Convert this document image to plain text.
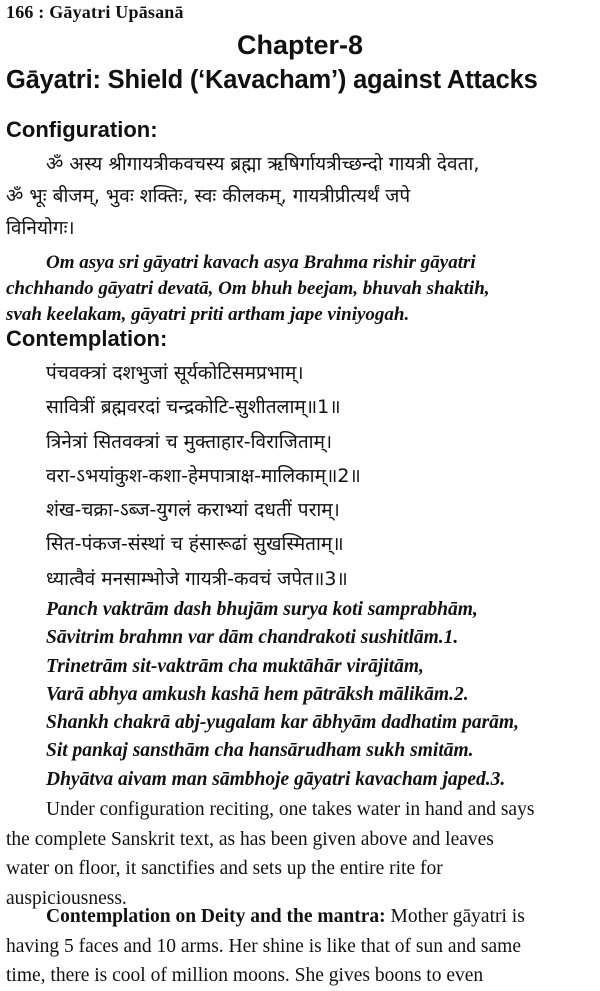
166 : Gāyatri Upāsanā
Chapter-8
Gāyatri: Shield (‘Kavacham’) against Attacks
Configuration:
ॐ अस्य श्रीगायत्रीकवचस्य ब्रह्मा ऋषिर्गायत्रीच्छन्दो गायत्री देवता,
ॐ भूः बीजम्, भुवः शक्तिः, स्वः कीलकम्, गायत्रीप्रीत्यर्थं जपे
विनियोगः।
Om asya sri gāyatri kavach asya Brahma rishir gāyatri
chchhando gāyatri devatā, Om bhuh beejam, bhuvah shaktih,
svah keelakam, gāyatri priti artham jape viniyogah.
Contemplation:
पंचवक्त्रां दशभुजां सूर्यकोटिसमप्रभाम्।
सावित्रीं ब्रह्मवरदां चन्द्रकोटि-सुशीतलाम्॥1॥
त्रिनेत्रां सितवक्त्रां च मुक्ताहार-विराजिताम्।
वरा-ऽभयांकुश-कशा-हेमपात्राक्ष-मालिकाम्॥2॥
शंख-चक्रा-ऽब्ज-युगलं कराभ्यां दधतीं पराम्।
सित-पंकज-संस्थां च हंसारूढां सुखस्मिताम्॥
ध्यात्वैवं मनसाम्भोजे गायत्री-कवचं जपेत॥3॥
Panch vaktrām dash bhujām surya koti samprabhām,
Sāvitrim brahmn var dām chandrakoti sushitlām.1.
Trinetrām sit-vaktrām cha muktāhār virājitām,
Varā abhya amkush kashā hem pātrāksh mālikām.2.
Shankh chakrā abj-yugalam kar ābhyām dadhatim parām,
Sit pankaj sansthām cha hansārudham sukh smitām.
Dhyātva aivam man sāmbhoje gāyatri kavacham japed.3.
Under configuration reciting, one takes water in hand and says
the complete Sanskrit text, as has been given above and leaves
water on floor, it sanctifies and sets up the entire rite for
auspiciousness.
Contemplation on Deity and the mantra: Mother gāyatri is
having 5 faces and 10 arms. Her shine is like that of sun and same
time, there is cool of million moons. She gives boons to even
